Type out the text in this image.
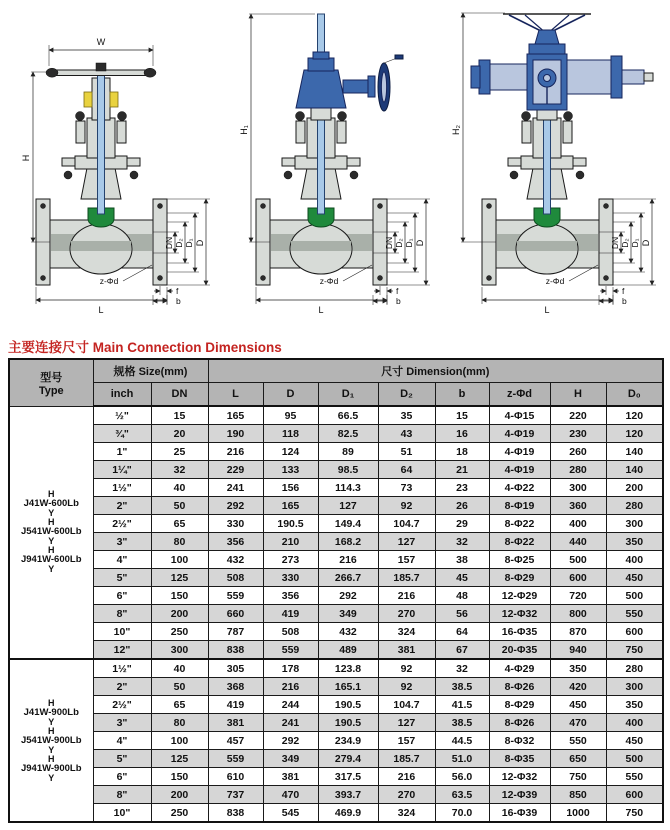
W
H
DN D₂ D₁ D
z-Φd
L
f
b
H₁
DN D₂ D₁ D
z-Φd
L
f
b
H₂
DN D₂ D₁ D
z-Φd
L
f
b
主要连接尺寸 Main Connection Dimensions
型号
Type	规格 Size(mm)		尺寸 Dimension(mm)							
	inch	DN	L	D	D₁	D₂	b	z-Φd	H	D₀

H
J41W-600Lb
Y
H
J541W-600Lb
Y
H
J941W-600Lb
Y
	½"	15	165	95	66.5	35	15	4-Φ15	220	120
	¾"	20	190	118	82.5	43	16	4-Φ19	230	120
	1"	25	216	124	89	51	18	4-Φ19	260	140
	1¼"	32	229	133	98.5	64	21	4-Φ19	280	140
	1½"	40	241	156	114.3	73	23	4-Φ22	300	200
	2"	50	292	165	127	92	26	8-Φ19	360	280
	2½"	65	330	190.5	149.4	104.7	29	8-Φ22	400	300
	3"	80	356	210	168.2	127	32	8-Φ22	440	350
	4"	100	432	273	216	157	38	8-Φ25	500	400
	5"	125	508	330	266.7	185.7	45	8-Φ29	600	450
	6"	150	559	356	292	216	48	12-Φ29	720	500
	8"	200	660	419	349	270	56	12-Φ32	800	550
	10"	250	787	508	432	324	64	16-Φ35	870	600
	12"	300	838	559	489	381	67	20-Φ35	940	750

H
J41W-900Lb
Y
H
J541W-900Lb
Y
H
J941W-900Lb
Y
	1½"	40	305	178	123.8	92	32	4-Φ29	350	280
	2"	50	368	216	165.1	92	38.5	8-Φ26	420	300
	2½"	65	419	244	190.5	104.7	41.5	8-Φ29	450	350
	3"	80	381	241	190.5	127	38.5	8-Φ26	470	400
	4"	100	457	292	234.9	157	44.5	8-Φ32	550	450
	5"	125	559	349	279.4	185.7	51.0	8-Φ35	650	500
	6"	150	610	381	317.5	216	56.0	12-Φ32	750	550
	8"	200	737	470	393.7	270	63.5	12-Φ39	850	600
	10"	250	838	545	469.9	324	70.0	16-Φ39	1000	750
